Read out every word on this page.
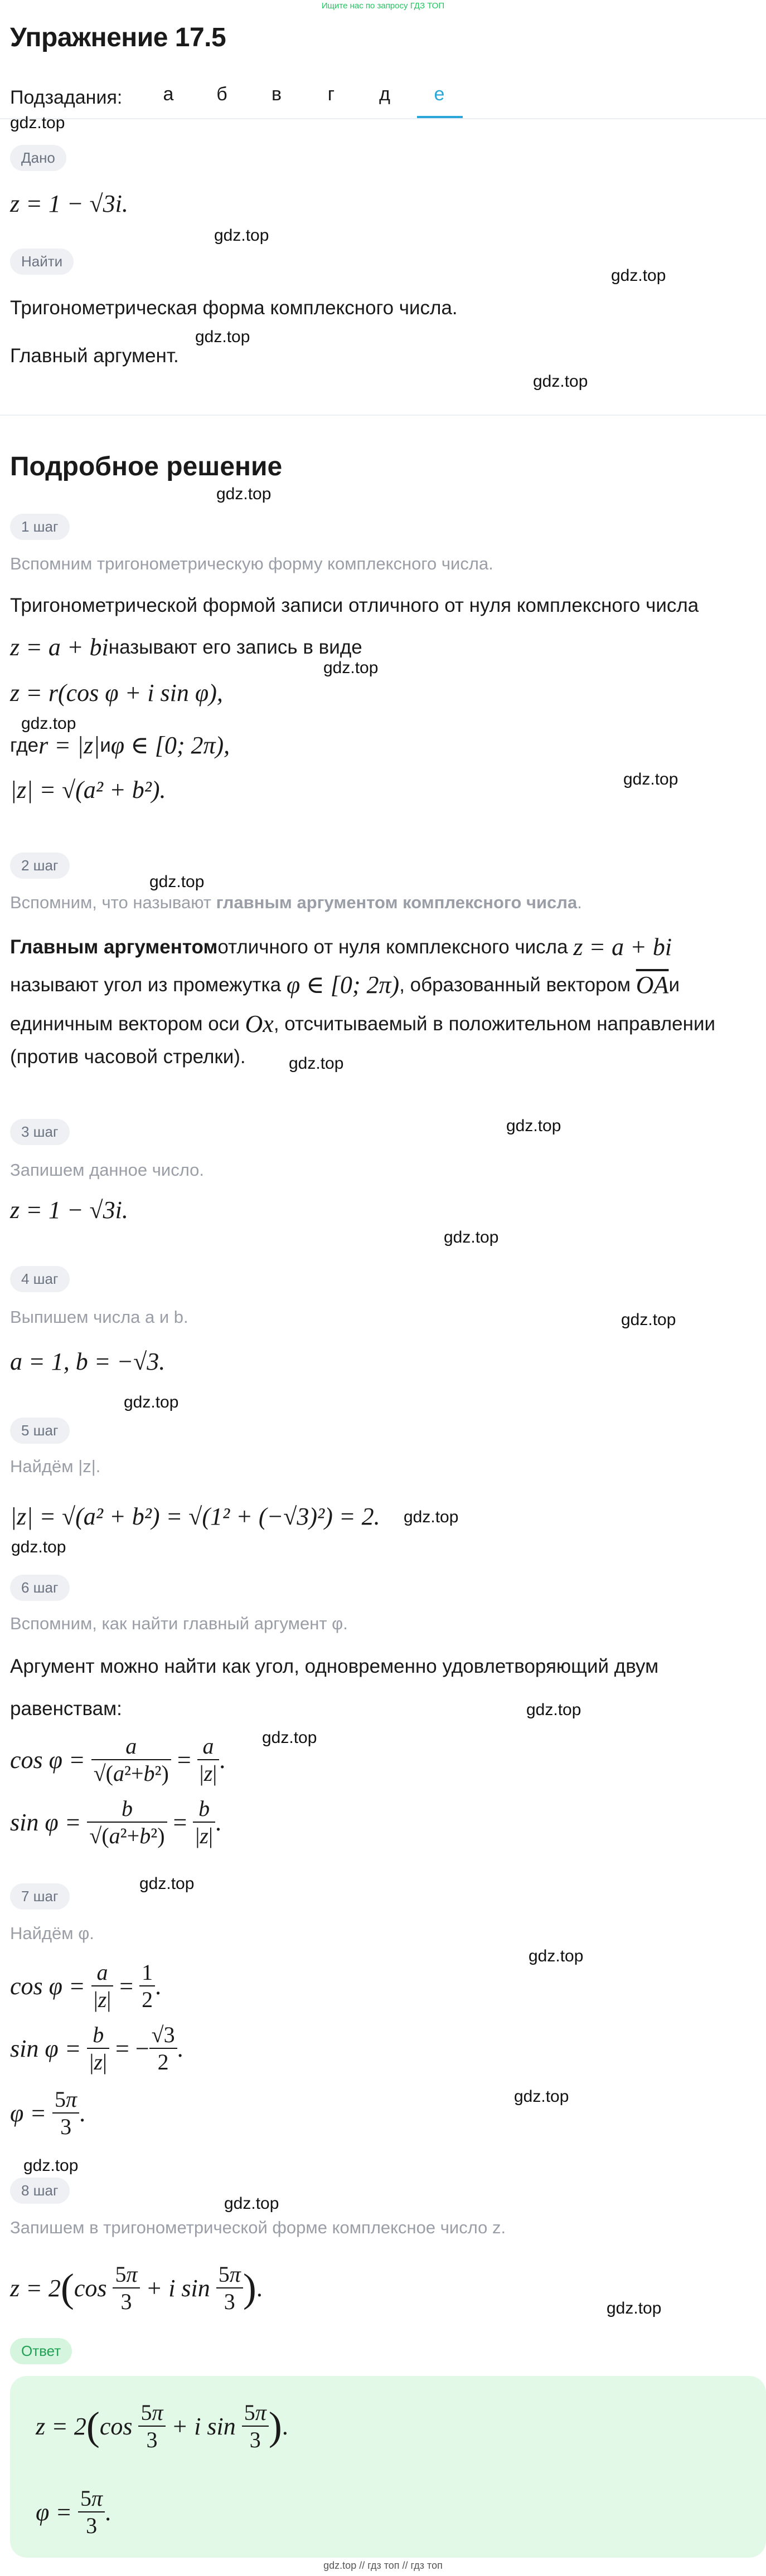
Ищите нас по запросу ГДЗ ТОП
Упражнение 17.5
Подзадания:	а	б	в	г	д	е
gdz.top
gdz.top
gdz.top
gdz.top
gdz.top
gdz.top
gdz.top
gdz.top
gdz.top
gdz.top
gdz.top
gdz.top
gdz.top
gdz.top
gdz.top
gdz.top
gdz.top
gdz.top
gdz.top
gdz.top
gdz.top
gdz.top
gdz.top
gdz.top
gdz.top
Дано
z = 1 − √3i.
Найти
Тригонометрическая форма комплексного числа.
Главный аргумент.
Подробное решение
1 шаг
Вспомним тригонометрическую форму комплексного числа.
Тригонометрической формой записи отличного от нуля комплексного числа
z = a + bi называют его запись в виде
z = r(cos φ + i sin φ),
где r = |z| и φ ∈ [0; 2π),
|z| = √(a² + b²).
2 шаг
Вспомним, что называют главным аргументом комплексного числа.
Главным аргументом отличного от нуля комплексного числа
z = a + bi
называют угол из промежутка
φ ∈ [0; 2π) , образованный вектором
$\overline{OA}$ и
единичным вектором оси
Ox , отсчитываемый в положительном направлении
(против часовой стрелки).
3 шаг
Запишем данное число.
z = 1 − √3i.
4 шаг
Выпишем числа a и b.
a = 1, b = −√3.
5 шаг
Найдём |z|.
|z| = √(a² + b²) = √(1² + (−√3)²) = 2.
6 шаг
Вспомним, как найти главный аргумент φ.
Аргумент можно найти как угол, одновременно удовлетворяющий двум
равенствам:
$\cos \varphi = \frac{a}{\text{√(a²+b²)}} = \frac{a}{|z|}$ .
$\sin \varphi = \frac{b}{\text{√(a²+b²)}} = \frac{b}{|z|}$ .
7 шаг
Найдём φ.
$\cos \varphi = \frac{a}{|z|} = \frac{1}{2}$ .
$\sin \varphi = \frac{b}{|z|}$ = − $\frac{√3}{2}$ .
$\varphi = \frac{5\pi}{3}$ .
8 шаг
Запишем в тригонометрической форме комплексное число z.
z = 2 ( $\cos \frac{5\pi}{3} + i$ $\sin \frac{5\pi}{3}$ ) .
Ответ
z = 2 ( $\cos \frac{5\pi}{3} + i$ $\sin \frac{5\pi}{3}$ ) .
$\varphi = \frac{5\pi}{3}$ .
gdz.top // гдз топ // гдз топ
